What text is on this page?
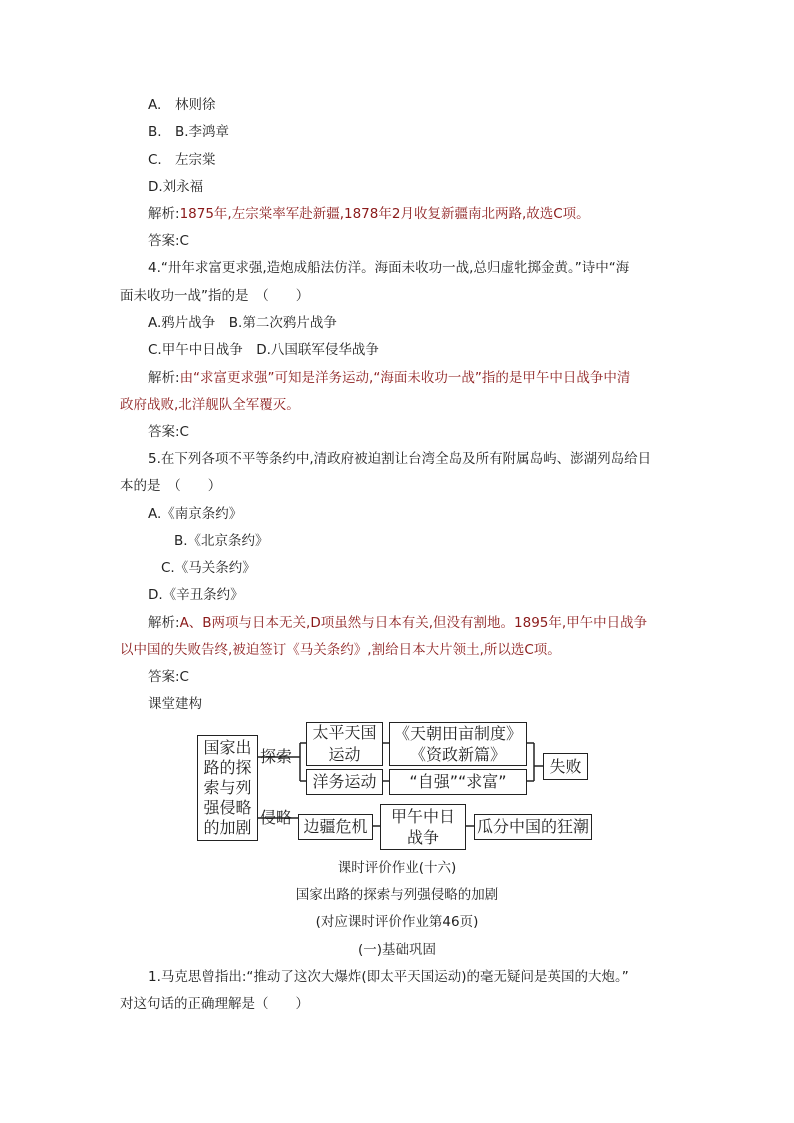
A. 林则徐
B. B.李鸿章
C. 左宗棠
D.刘永福
解析:1875年,左宗棠率军赴新疆,1878年2月收复新疆南北两路,故选C项。
答案:C
4.“卅年求富更求强,造炮成船法仿洋。海面未收功一战,总归虚牝掷金黄。”诗中“海
面未收功一战”指的是　（　　）
A.鸦片战争　B.第二次鸦片战争
C.甲午中日战争　D.八国联军侵华战争
解析:由“求富更求强”可知是洋务运动,“海面未收功一战”指的是甲午中日战争中清
政府战败,北洋舰队全军覆灭。
答案:C
5.在下列各项不平等条约中,清政府被迫割让台湾全岛及所有附属岛屿、澎湖列岛给日
本的是　（　　）
A.《南京条约》
B.《北京条约》
C.《马关条约》
D.《辛丑条约》
解析:A、B两项与日本无关,D项虽然与日本有关,但没有割地。1895年,甲午中日战争
以中国的失败告终,被迫签订《马关条约》,割给日本大片领土,所以选C项。
答案:C
课堂建构
国家出路的探索与列强侵略的加剧
探索
侵略
太平天国运动
《天朝田亩制度》
《资政新篇》
洋务运动 “自强”“求富”
失败
边疆危机
甲午中日战争
瓜分中国的狂潮
课时评价作业(十六)
国家出路的探索与列强侵略的加剧
(对应课时评价作业第46页)
(一)基础巩固
1.马克思曾指出:“推动了这次大爆炸(即太平天国运动)的毫无疑问是英国的大炮。”
对这句话的正确理解是（　　）
